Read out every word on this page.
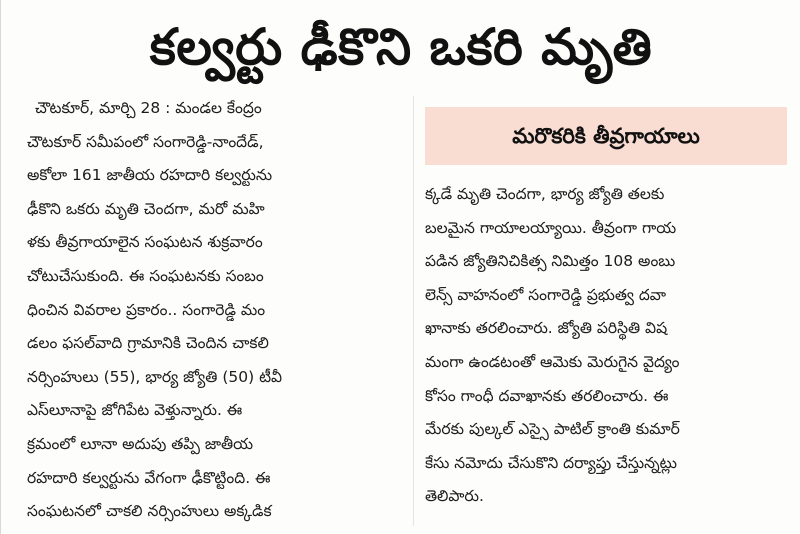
కల్వర్టు ఢీకొని ఒకరి మృతి
చౌటకూర్, మార్చి 28 : మండల కేంద్రం
చౌటకూర్ సమీపంలో సంగారెడ్డి-నాందేడ్,
అకోలా 161 జాతీయ రహదారి కల్వర్టును
ఢీకొని ఒకరు మృతి చెందగా, మరో మహి
ళకు తీవ్రగాయాలైన సంఘటన శుక్రవారం
చోటుచేసుకుంది. ఈ సంఘటనకు సంబం
ధించిన వివరాల ప్రకారం.. సంగారెడ్డి మం
డలం ఫసల్‌వాది గ్రామానికి చెందిన చాకలి
నర్సింహులు (55), భార్య జ్యోతి (50) టీవీ
ఎస్‌లూనాపై జోగిపేట వెళ్తున్నారు. ఈ
క్రమంలో లూనా అదుపు తప్పి జాతీయ
రహదారి కల్వర్టును వేగంగా ఢీకొట్టింది. ఈ
సంఘటనలో చాకలి నర్సింహులు అక్కడిక
మరొకరికి తీవ్రగాయాలు
క్కడే మృతి చెందగా, భార్య జ్యోతి తలకు
బలమైన గాయాలయ్యాయి. తీవ్రంగా గాయ
పడిన జ్యోతినిచికిత్స నిమిత్తం 108 అంబు
లెన్స్ వాహనంలో సంగారెడ్డి ప్రభుత్వ దవా
ఖానాకు తరలించారు. జ్యోతి పరిస్థితి విష
మంగా ఉండటంతో ఆమెకు మెరుగైన వైద్యం
కోసం గాంధీ దవాఖానకు తరలించారు. ఈ
మేరకు పుల్కల్ ఎస్సై పాటిల్ క్రాంతి కుమార్
కేసు నమోదు చేసుకొని దర్యాప్తు చేస్తున్నట్లు
తెలిపారు.
